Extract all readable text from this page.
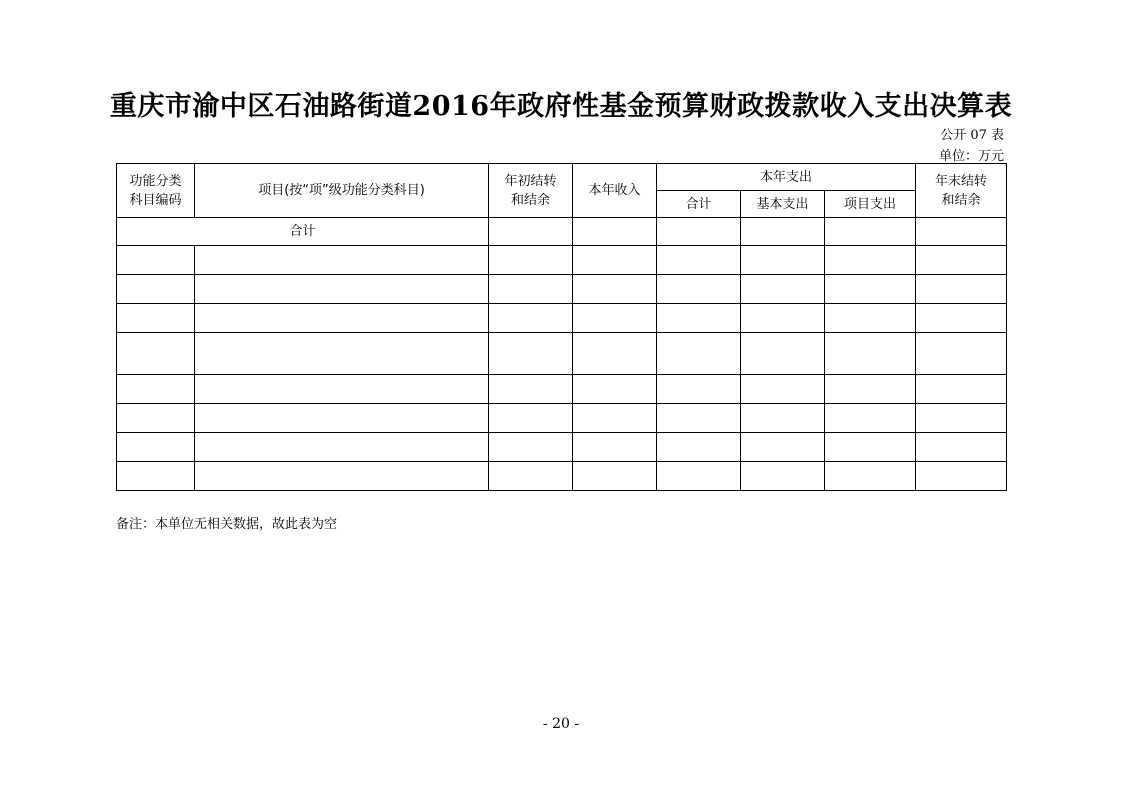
重庆市渝中区石油路街道2016年政府性基金预算财政拨款收入支出决算表
公开 07 表
单位：万元
功能分类科目编码	项目(按“项”级功能分类科目)	年初结转和结余	本年收入	本年支出			年末结转和结余
				合计	基本支出	项目支出	
合计							

备注：本单位无相关数据，故此表为空
- 20 -
